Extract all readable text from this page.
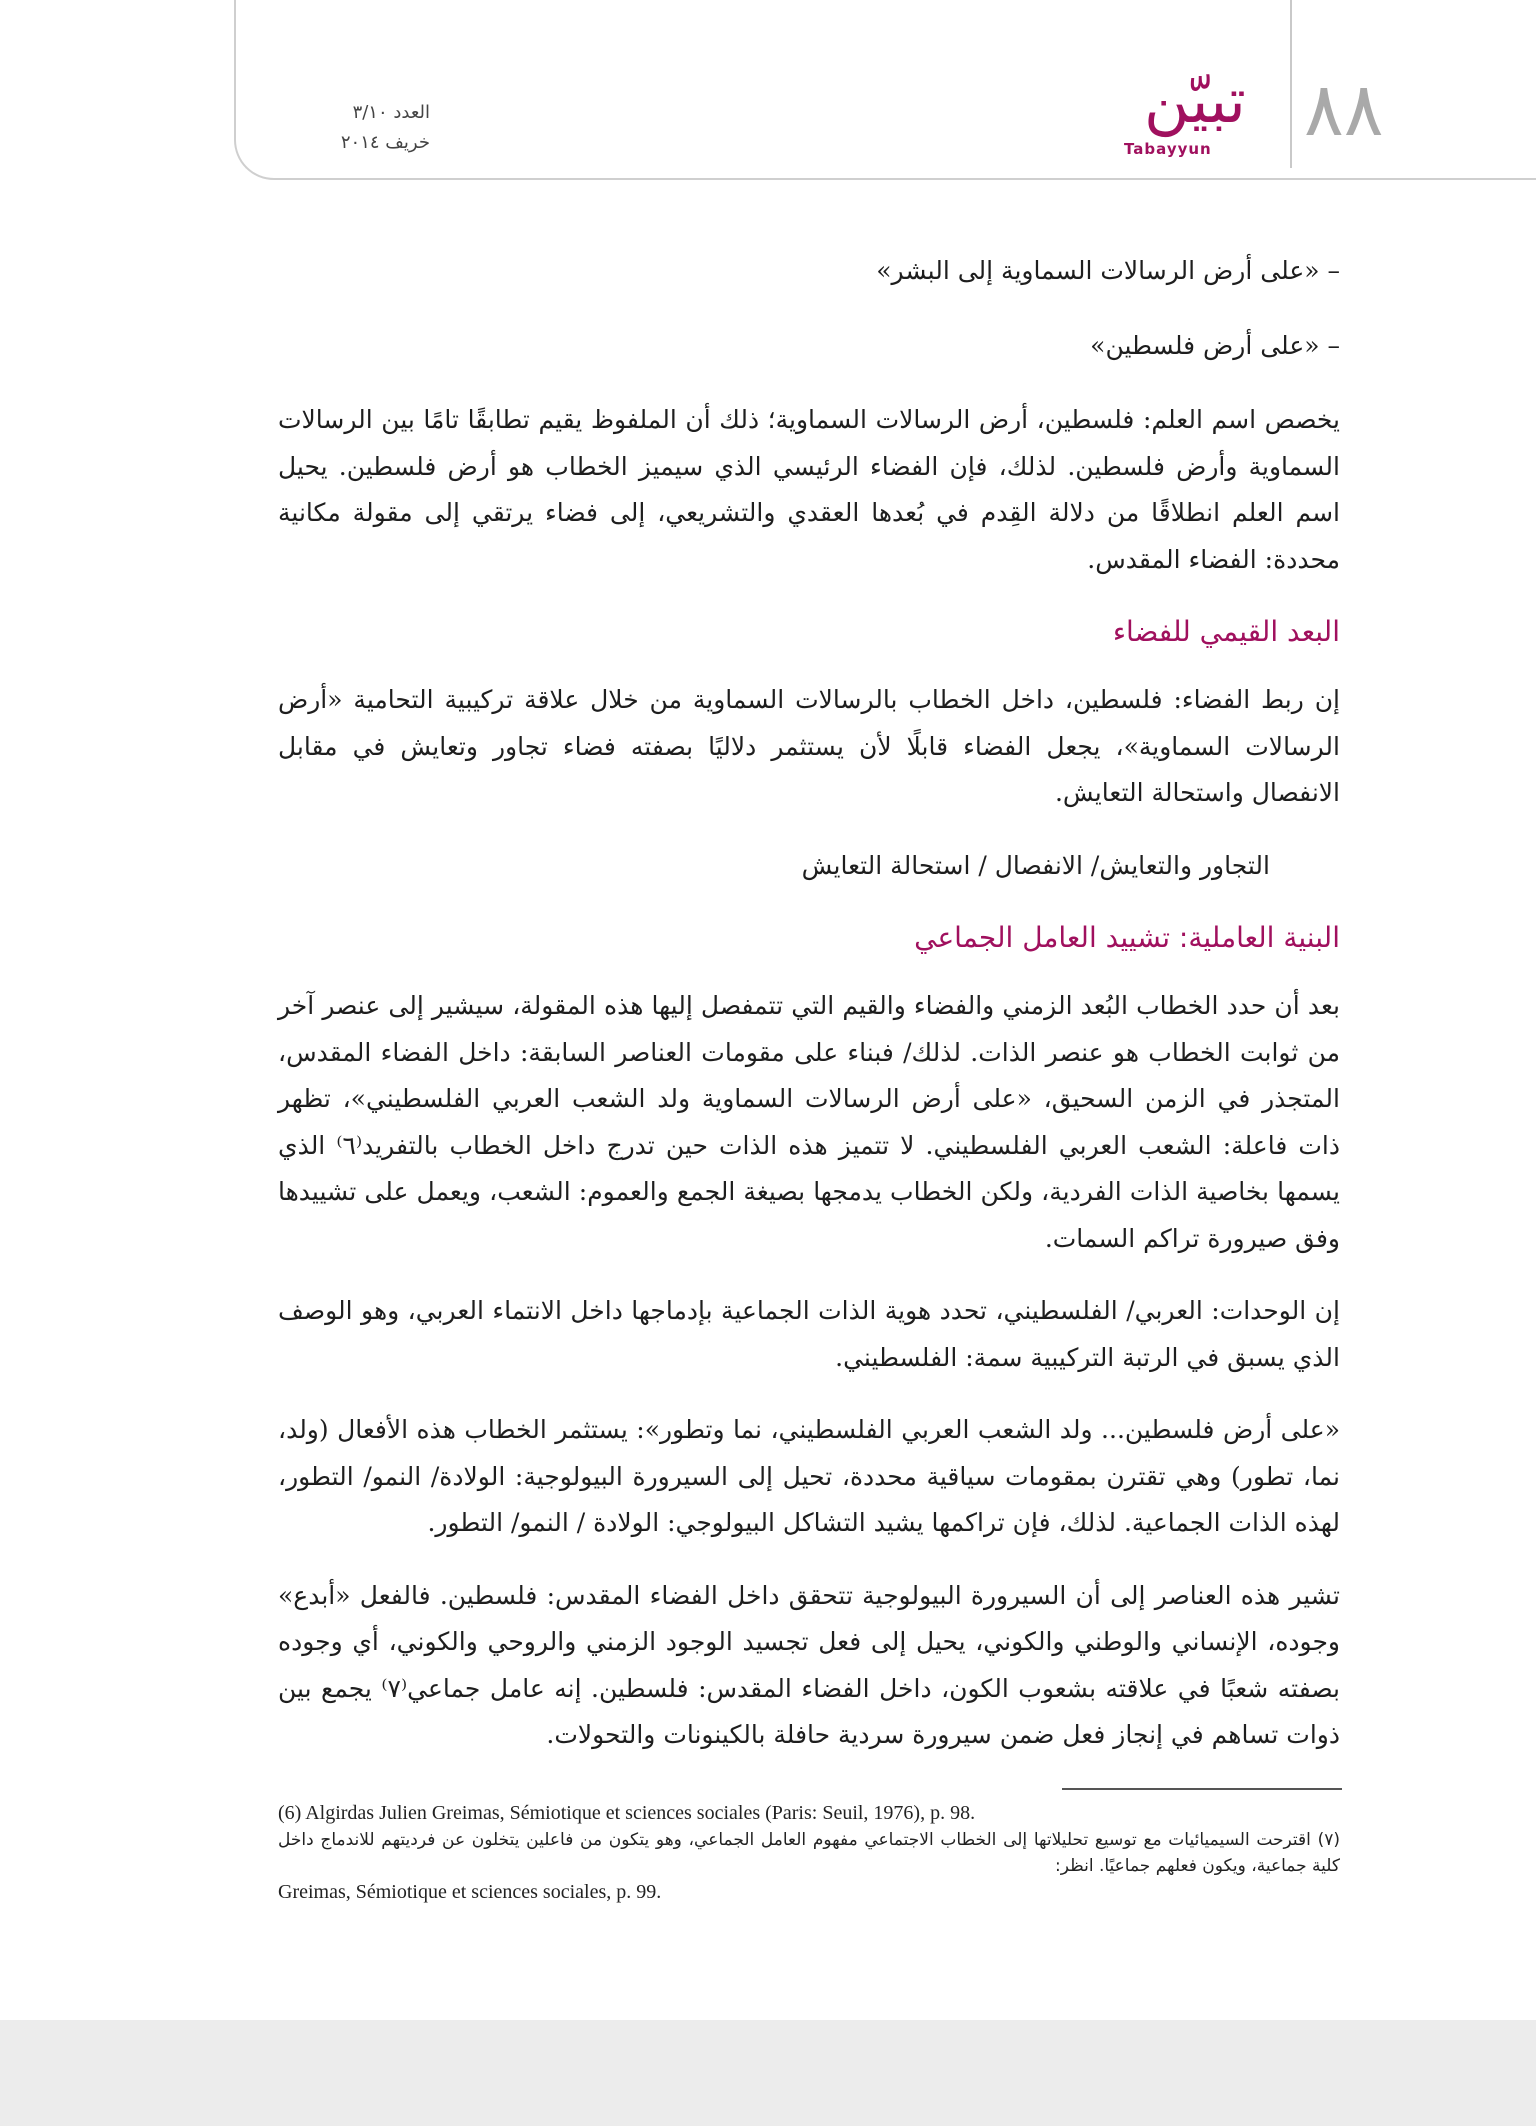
٨٨
تبيّن
Tabayyun
العدد ٣/١٠
خريف ٢٠١٤

– «على أرض الرسالات السماوية إلى البشر»

– «على أرض فلسطين»

يخصص اسم العلم: فلسطين، أرض الرسالات السماوية؛ ذلك أن الملفوظ يقيم تطابقًا تامًا بين الرسالات السماوية وأرض فلسطين. لذلك، فإن الفضاء الرئيسي الذي سيميز الخطاب هو أرض فلسطين. يحيل اسم العلم انطلاقًا من دلالة القِدم في بُعدها العقدي والتشريعي، إلى فضاء يرتقي إلى مقولة مكانية محددة: الفضاء المقدس.

البعد القيمي للفضاء

إن ربط الفضاء: فلسطين، داخل الخطاب بالرسالات السماوية من خلال علاقة تركيبية التحامية «أرض الرسالات السماوية»، يجعل الفضاء قابلًا لأن يستثمر دلاليًا بصفته فضاء تجاور وتعايش في مقابل الانفصال واستحالة التعايش.

التجاور والتعايش/ الانفصال / استحالة التعايش

البنية العاملية: تشييد العامل الجماعي

بعد أن حدد الخطاب البُعد الزمني والفضاء والقيم التي تتمفصل إليها هذه المقولة، سيشير إلى عنصر آخر من ثوابت الخطاب هو عنصر الذات. لذلك/ فبناء على مقومات العناصر السابقة: داخل الفضاء المقدس، المتجذر في الزمن السحيق، «على أرض الرسالات السماوية ولد الشعب العربي الفلسطيني»، تظهر ذات فاعلة: الشعب العربي الفلسطيني. لا تتميز هذه الذات حين تدرج داخل الخطاب بالتفريد⁽٦⁾ الذي يسمها بخاصية الذات الفردية، ولكن الخطاب يدمجها بصيغة الجمع والعموم: الشعب، ويعمل على تشييدها وفق صيرورة تراكم السمات.

إن الوحدات: العربي/ الفلسطيني، تحدد هوية الذات الجماعية بإدماجها داخل الانتماء العربي، وهو الوصف الذي يسبق في الرتبة التركيبية سمة: الفلسطيني.

«على أرض فلسطين... ولد الشعب العربي الفلسطيني، نما وتطور»: يستثمر الخطاب هذه الأفعال (ولد، نما، تطور) وهي تقترن بمقومات سياقية محددة، تحيل إلى السيرورة البيولوجية: الولادة/ النمو/ التطور، لهذه الذات الجماعية. لذلك، فإن تراكمها يشيد التشاكل البيولوجي: الولادة / النمو/ التطور.

تشير هذه العناصر إلى أن السيرورة البيولوجية تتحقق داخل الفضاء المقدس: فلسطين. فالفعل «أبدع» وجوده، الإنساني والوطني والكوني، يحيل إلى فعل تجسيد الوجود الزمني والروحي والكوني، أي وجوده بصفته شعبًا في علاقته بشعوب الكون، داخل الفضاء المقدس: فلسطين. إنه عامل جماعي⁽٧⁾ يجمع بين ذوات تساهم في إنجاز فعل ضمن سيرورة سردية حافلة بالكينونات والتحولات.

(6) Algirdas Julien Greimas, Sémiotique et sciences sociales (Paris: Seuil, 1976), p. 98.
(٧) اقترحت السيميائيات مع توسيع تحليلاتها إلى الخطاب الاجتماعي مفهوم العامل الجماعي، وهو يتكون من فاعلين يتخلون عن فرديتهم للاندماج داخل كلية جماعية، ويكون فعلهم جماعيًا. انظر:
Greimas, Sémiotique et sciences sociales, p. 99.
